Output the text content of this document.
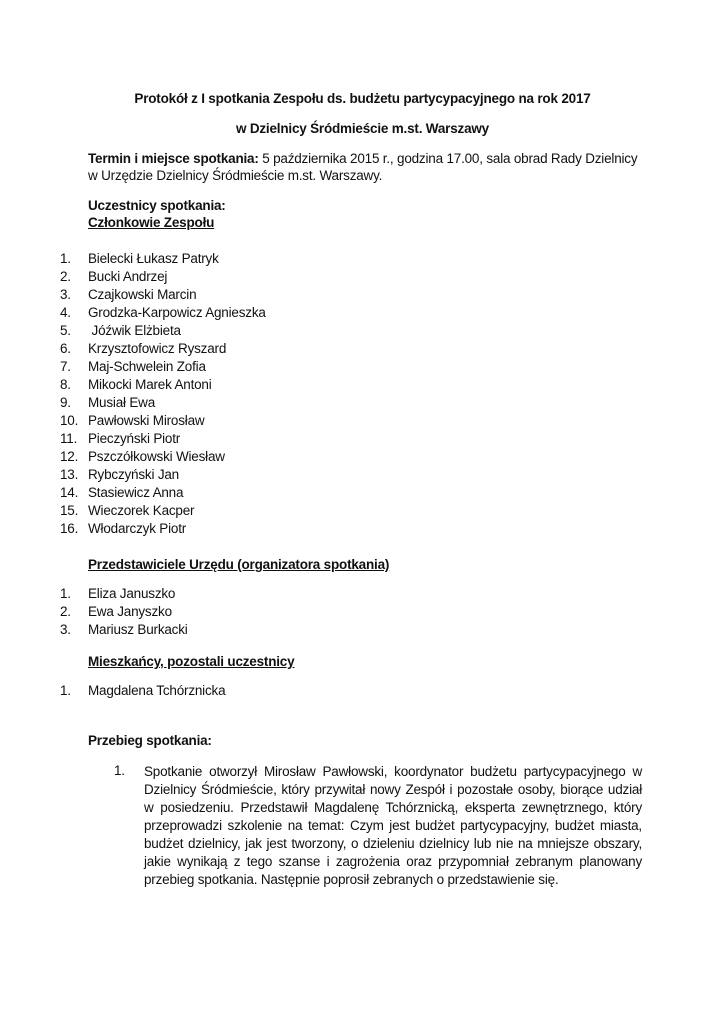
Protokół z I spotkania Zespołu ds. budżetu partycypacyjnego na rok 2017
w Dzielnicy Śródmieście m.st. Warszawy
Termin i miejsce spotkania: 5 października 2015 r., godzina 17.00, sala obrad Rady Dzielnicy w Urzędzie Dzielnicy Śródmieście m.st. Warszawy.
Uczestnicy spotkania:
Członkowie Zespołu
1. Bielecki Łukasz Patryk
2. Bucki Andrzej
3. Czajkowski Marcin
4. Grodzka-Karpowicz Agnieszka
5. Jóźwik Elżbieta
6. Krzysztofowicz Ryszard
7. Maj-Schwelein Zofia
8. Mikocki Marek Antoni
9. Musiał Ewa
10. Pawłowski Mirosław
11. Pieczyński Piotr
12. Pszczółkowski Wiesław
13. Rybczyński Jan
14. Stasiewicz Anna
15. Wieczorek Kacper
16. Włodarczyk Piotr
Przedstawiciele Urzędu (organizatora spotkania)
1. Eliza Januszko
2. Ewa Janyszko
3. Mariusz Burkacki
Mieszkańcy, pozostali uczestnicy
1. Magdalena Tchórznicka
Przebieg spotkania:
1. Spotkanie otworzył Mirosław Pawłowski, koordynator budżetu partycypacyjnego w Dzielnicy Śródmieście, który przywitał nowy Zespół i pozostałe osoby, biorące udział w posiedzeniu. Przedstawił Magdalenę Tchórznicką, eksperta zewnętrznego, który przeprowadzi szkolenie na temat: Czym jest budżet partycypacyjny, budżet miasta, budżet dzielnicy, jak jest tworzony, o dzieleniu dzielnicy lub nie na mniejsze obszary, jakie wynikają z tego szanse i zagrożenia oraz przypomniał zebranym planowany przebieg spotkania. Następnie poprosił zebranych o przedstawienie się.
